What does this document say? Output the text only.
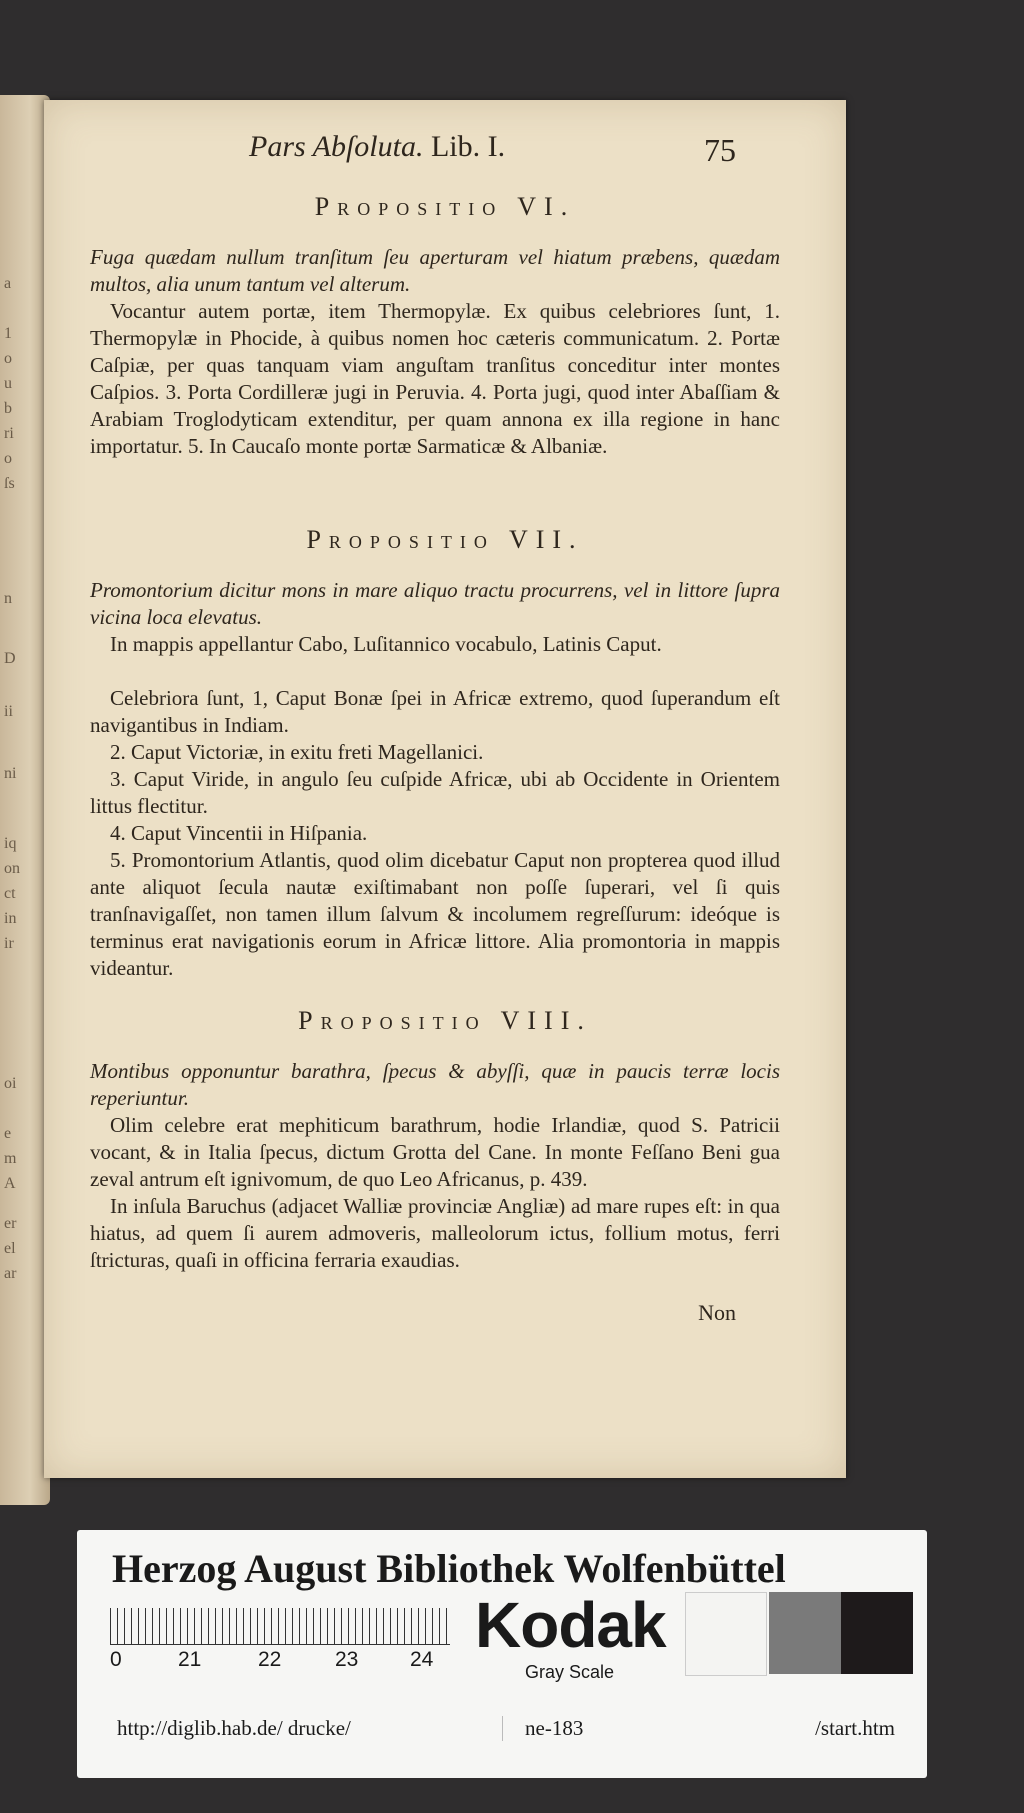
a
1
o
u
b
ri
o
ſs
n
D
ii
ni
iq
on
ct
in
ir
oi
e
m
A
er
el
ar
Pars Abſoluta. Lib. I.	75
Propositio VI.

Fuga quædam nullum tranſitum ſeu aperturam vel hiatum præbens, quædam multos, alia unum tantum vel alterum.

Vocantur autem portæ, item Thermopylæ. Ex quibus celebriores ſunt, 1. Thermopylæ in Phocide, à quibus nomen hoc cæteris communicatum. 2. Portæ Caſpiæ, per quas tanquam viam anguſtam tranſitus conceditur inter montes Caſpios. 3. Porta Cordilleræ jugi in Peruvia. 4. Porta jugi, quod inter Abaſſiam & Arabiam Troglodyticam extenditur, per quam annona ex illa regione in hanc importatur. 5. In Caucaſo monte portæ Sarmaticæ & Albaniæ.

Propositio VII.

Promontorium dicitur mons in mare aliquo tractu procurrens, vel in littore ſupra vicina loca elevatus.

In mappis appellantur Cabo, Luſitannico vocabulo, Latinis Caput.

Celebriora ſunt, 1, Caput Bonæ ſpei in Africæ extremo, quod ſuperandum eſt navigantibus in Indiam.

2. Caput Victoriæ, in exitu freti Magellanici.

3. Caput Viride, in angulo ſeu cuſpide Africæ, ubi ab Occidente in Orientem littus flectitur.

4. Caput Vincentii in Hiſpania.

5. Promontorium Atlantis, quod olim dicebatur Caput non propterea quod illud ante aliquot ſecula nautæ exiſtimabant non poſſe ſuperari, vel ſi quis tranſnavigaſſet, non tamen illum ſalvum & incolumem regreſſurum: ideóque is terminus erat navigationis eorum in Africæ littore. Alia promontoria in mappis videantur.

Propositio VIII.

Montibus opponuntur barathra, ſpecus & abyſſi, quæ in paucis terræ locis reperiuntur.

Olim celebre erat mephiticum barathrum, hodie Irlandiæ, quod S. Patricii vocant, & in Italia ſpecus, dictum Grotta del Cane. In monte Feſſano Beni gua zeval antrum eſt ignivomum, de quo Leo Africanus, p. 439.

In inſula Baruchus (adjacet Walliæ provinciæ Angliæ) ad mare rupes eſt: in qua hiatus, ad quem ſi aurem admoveris, malleolorum ictus, follium motus, ferri ſtricturas, quaſi in officina ferraria exaudias.

Non
Herzog August Bibliothek Wolfenbüttel
0	21	22	23 24 Kodak
Gray Scale
http://diglib.hab.de/ drucke/	ne-183	/start.htm
